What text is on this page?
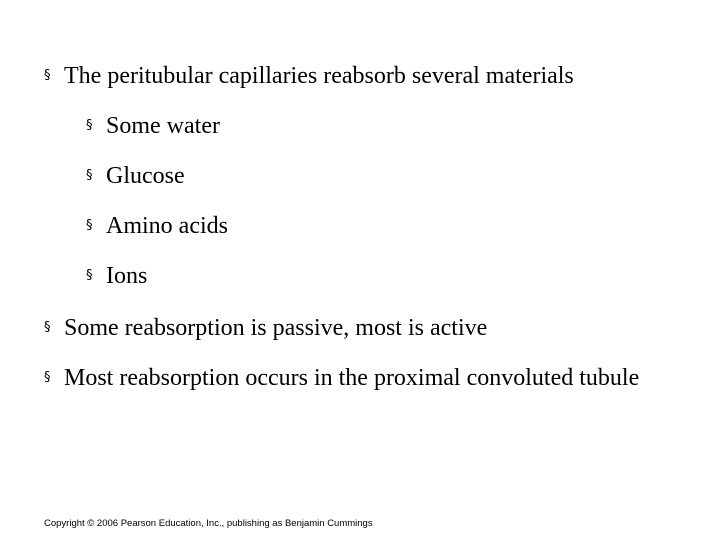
§ The peritubular capillaries reabsorb several materials
§ Some water
§ Glucose
§ Amino acids
§ Ions
§ Some reabsorption is passive, most is active
§ Most reabsorption occurs in the proximal convoluted tubule
Copyright © 2006 Pearson Education, Inc., publishing as Benjamin Cummings
